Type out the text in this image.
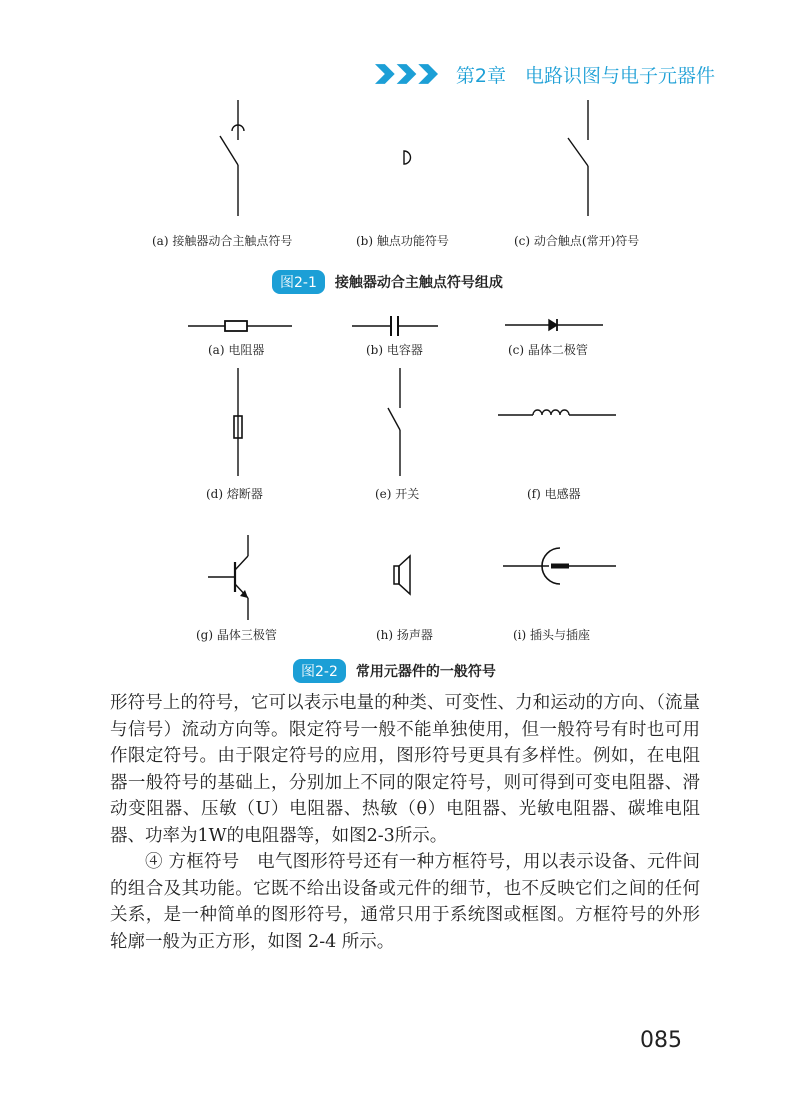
第2章　电路识图与电子元器件
(a) 接触器动合主触点符号	(b) 触点功能符号	(c) 动合触点(常开)符号
图2-1	接触器动合主触点符号组成
(a) 电阻器	(b) 电容器	(c) 晶体二极管
(d) 熔断器	(e) 开关	(f) 电感器
(g) 晶体三极管	(h) 扬声器	(i) 插头与插座
图2-2	常用元器件的一般符号

形符号上的符号，它可以表示电量的种类、可变性、力和运动的方向、（流量与信号）流动方向等。限定符号一般不能单独使用，但一般符号有时也可用作限定符号。由于限定符号的应用，图形符号更具有多样性。例如，在电阻器一般符号的基础上，分别加上不同的限定符号，则可得到可变电阻器、滑动变阻器、压敏（U）电阻器、热敏（θ）电阻器、光敏电阻器、碳堆电阻器、功率为1W的电阻器等，如图2-3所示。

④ 方框符号　电气图形符号还有一种方框符号，用以表示设备、元件间的组合及其功能。它既不给出设备或元件的细节，也不反映它们之间的任何关系，是一种简单的图形符号，通常只用于系统图或框图。方框符号的外形轮廓一般为正方形，如图 2-4 所示。

085
